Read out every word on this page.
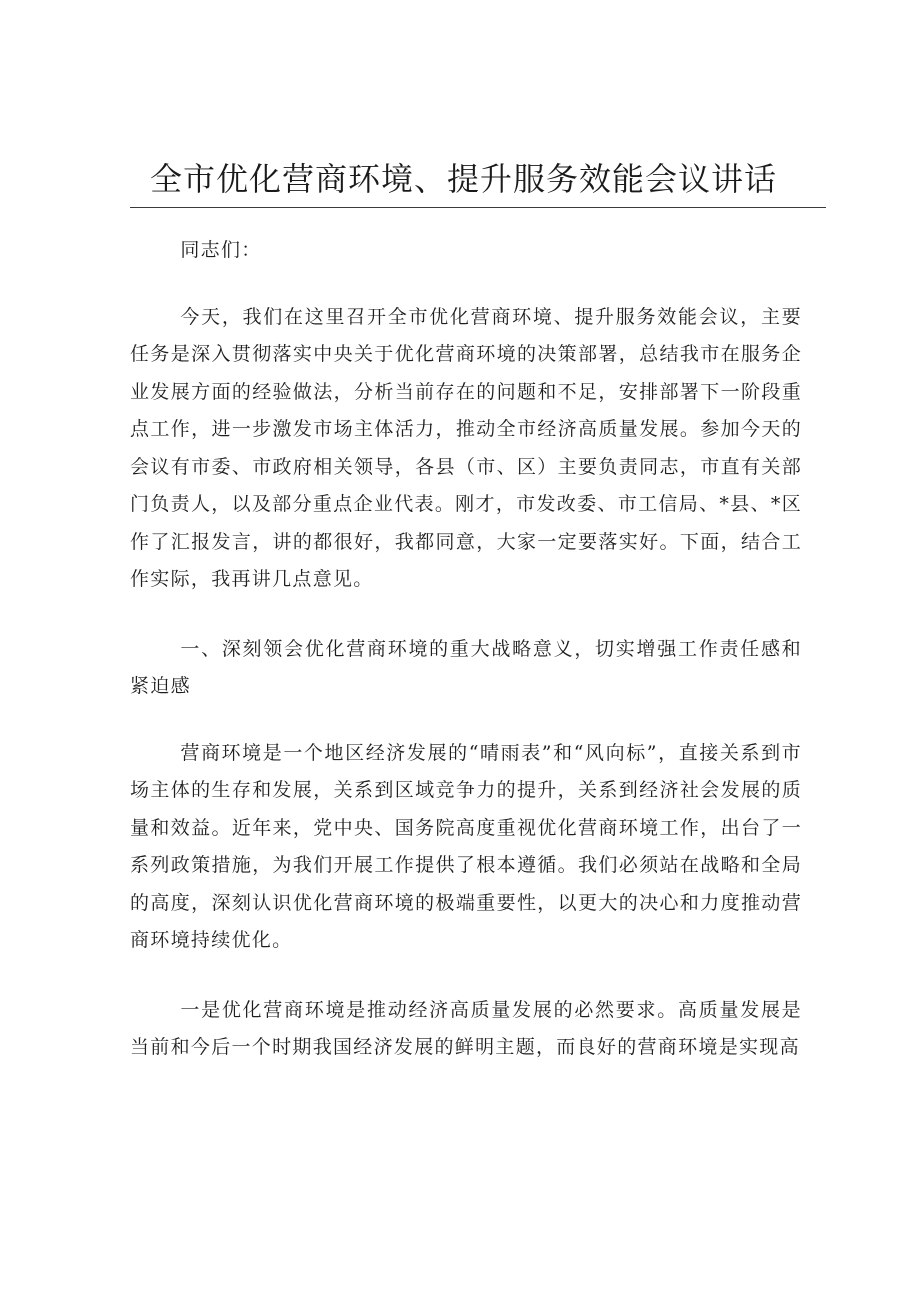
全市优化营商环境、提升服务效能会议讲话

同志们：

今天，我们在这里召开全市优化营商环境、提升服务效能会议，主要任务是深入贯彻落实中央关于优化营商环境的决策部署，总结我市在服务企业发展方面的经验做法，分析当前存在的问题和不足，安排部署下一阶段重点工作，进一步激发市场主体活力，推动全市经济高质量发展。参加今天的会议有市委、市政府相关领导，各县（市、区）主要负责同志，市直有关部门负责人，以及部分重点企业代表。刚才，市发改委、市工信局、*县、*区作了汇报发言，讲的都很好，我都同意，大家一定要落实好。下面，结合工作实际，我再讲几点意见。

一、深刻领会优化营商环境的重大战略意义，切实增强工作责任感和紧迫感

营商环境是一个地区经济发展的“晴雨表”和“风向标”，直接关系到市场主体的生存和发展，关系到区域竞争力的提升，关系到经济社会发展的质量和效益。近年来，党中央、国务院高度重视优化营商环境工作，出台了一系列政策措施，为我们开展工作提供了根本遵循。我们必须站在战略和全局的高度，深刻认识优化营商环境的极端重要性，以更大的决心和力度推动营商环境持续优化。

一是优化营商环境是推动经济高质量发展的必然要求。高质量发展是当前和今后一个时期我国经济发展的鲜明主题，而良好的营商环境是实现高
